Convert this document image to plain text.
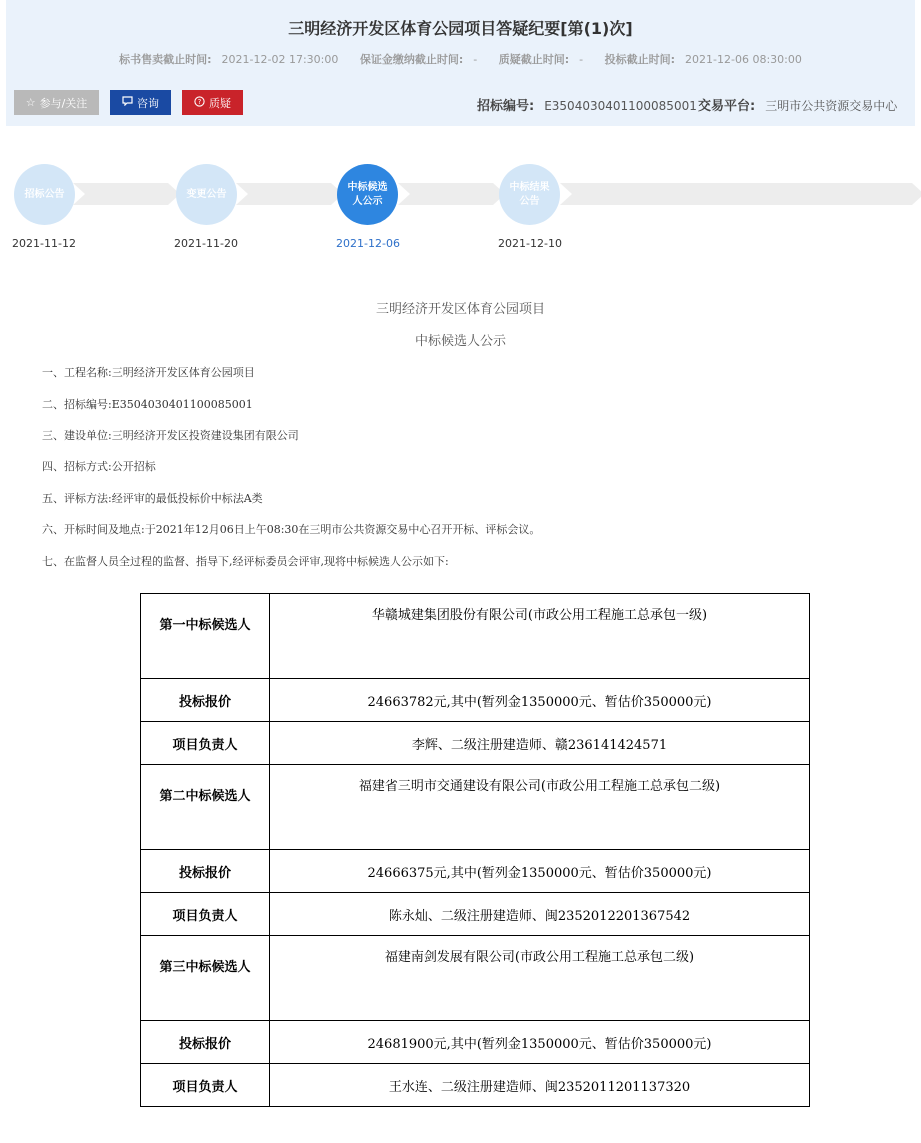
三明经济开发区体育公园项目答疑纪要[第(1)次]
标书售卖截止时间: 2021-12-02 17:30:00 保证金缴纳截止时间: - 质疑截止时间: - 投标截止时间: 2021-12-06 08:30:00
☆ 参与/关注	咨询	? 质疑	招标编号: E3504030401100085001 交易平台: 三明市公共资源交易中心
招标公告	变更公告
中标候选人公示
中标结果公告
2021-11-12	2021-11-20	2021-12-06	2021-12-10
三明经济开发区体育公园项目
中标候选人公示
一、工程名称:三明经济开发区体育公园项目
二、招标编号:E3504030401100085001
三、建设单位:三明经济开发区投资建设集团有限公司
四、招标方式:公开招标
五、评标方法:经评审的最低投标价中标法A类
六、开标时间及地点:于2021年12月06日上午08:30在三明市公共资源交易中心召开开标、评标会议。
七、在监督人员全过程的监督、指导下,经评标委员会评审,现将中标候选人公示如下:
第一中标候选人	华赣城建集团股份有限公司(市政公用工程施工总承包一级)
投标报价	24663782元,其中(暂列金1350000元、暂估价350000元)
项目负责人	李辉、二级注册建造师、赣236141424571
第二中标候选人	福建省三明市交通建设有限公司(市政公用工程施工总承包二级)
投标报价	24666375元,其中(暂列金1350000元、暂估价350000元)
项目负责人	陈永灿、二级注册建造师、闽2352012201367542
第三中标候选人	福建南剑发展有限公司(市政公用工程施工总承包二级)
投标报价	24681900元,其中(暂列金1350000元、暂估价350000元)
项目负责人	王水连、二级注册建造师、闽2352011201137320
